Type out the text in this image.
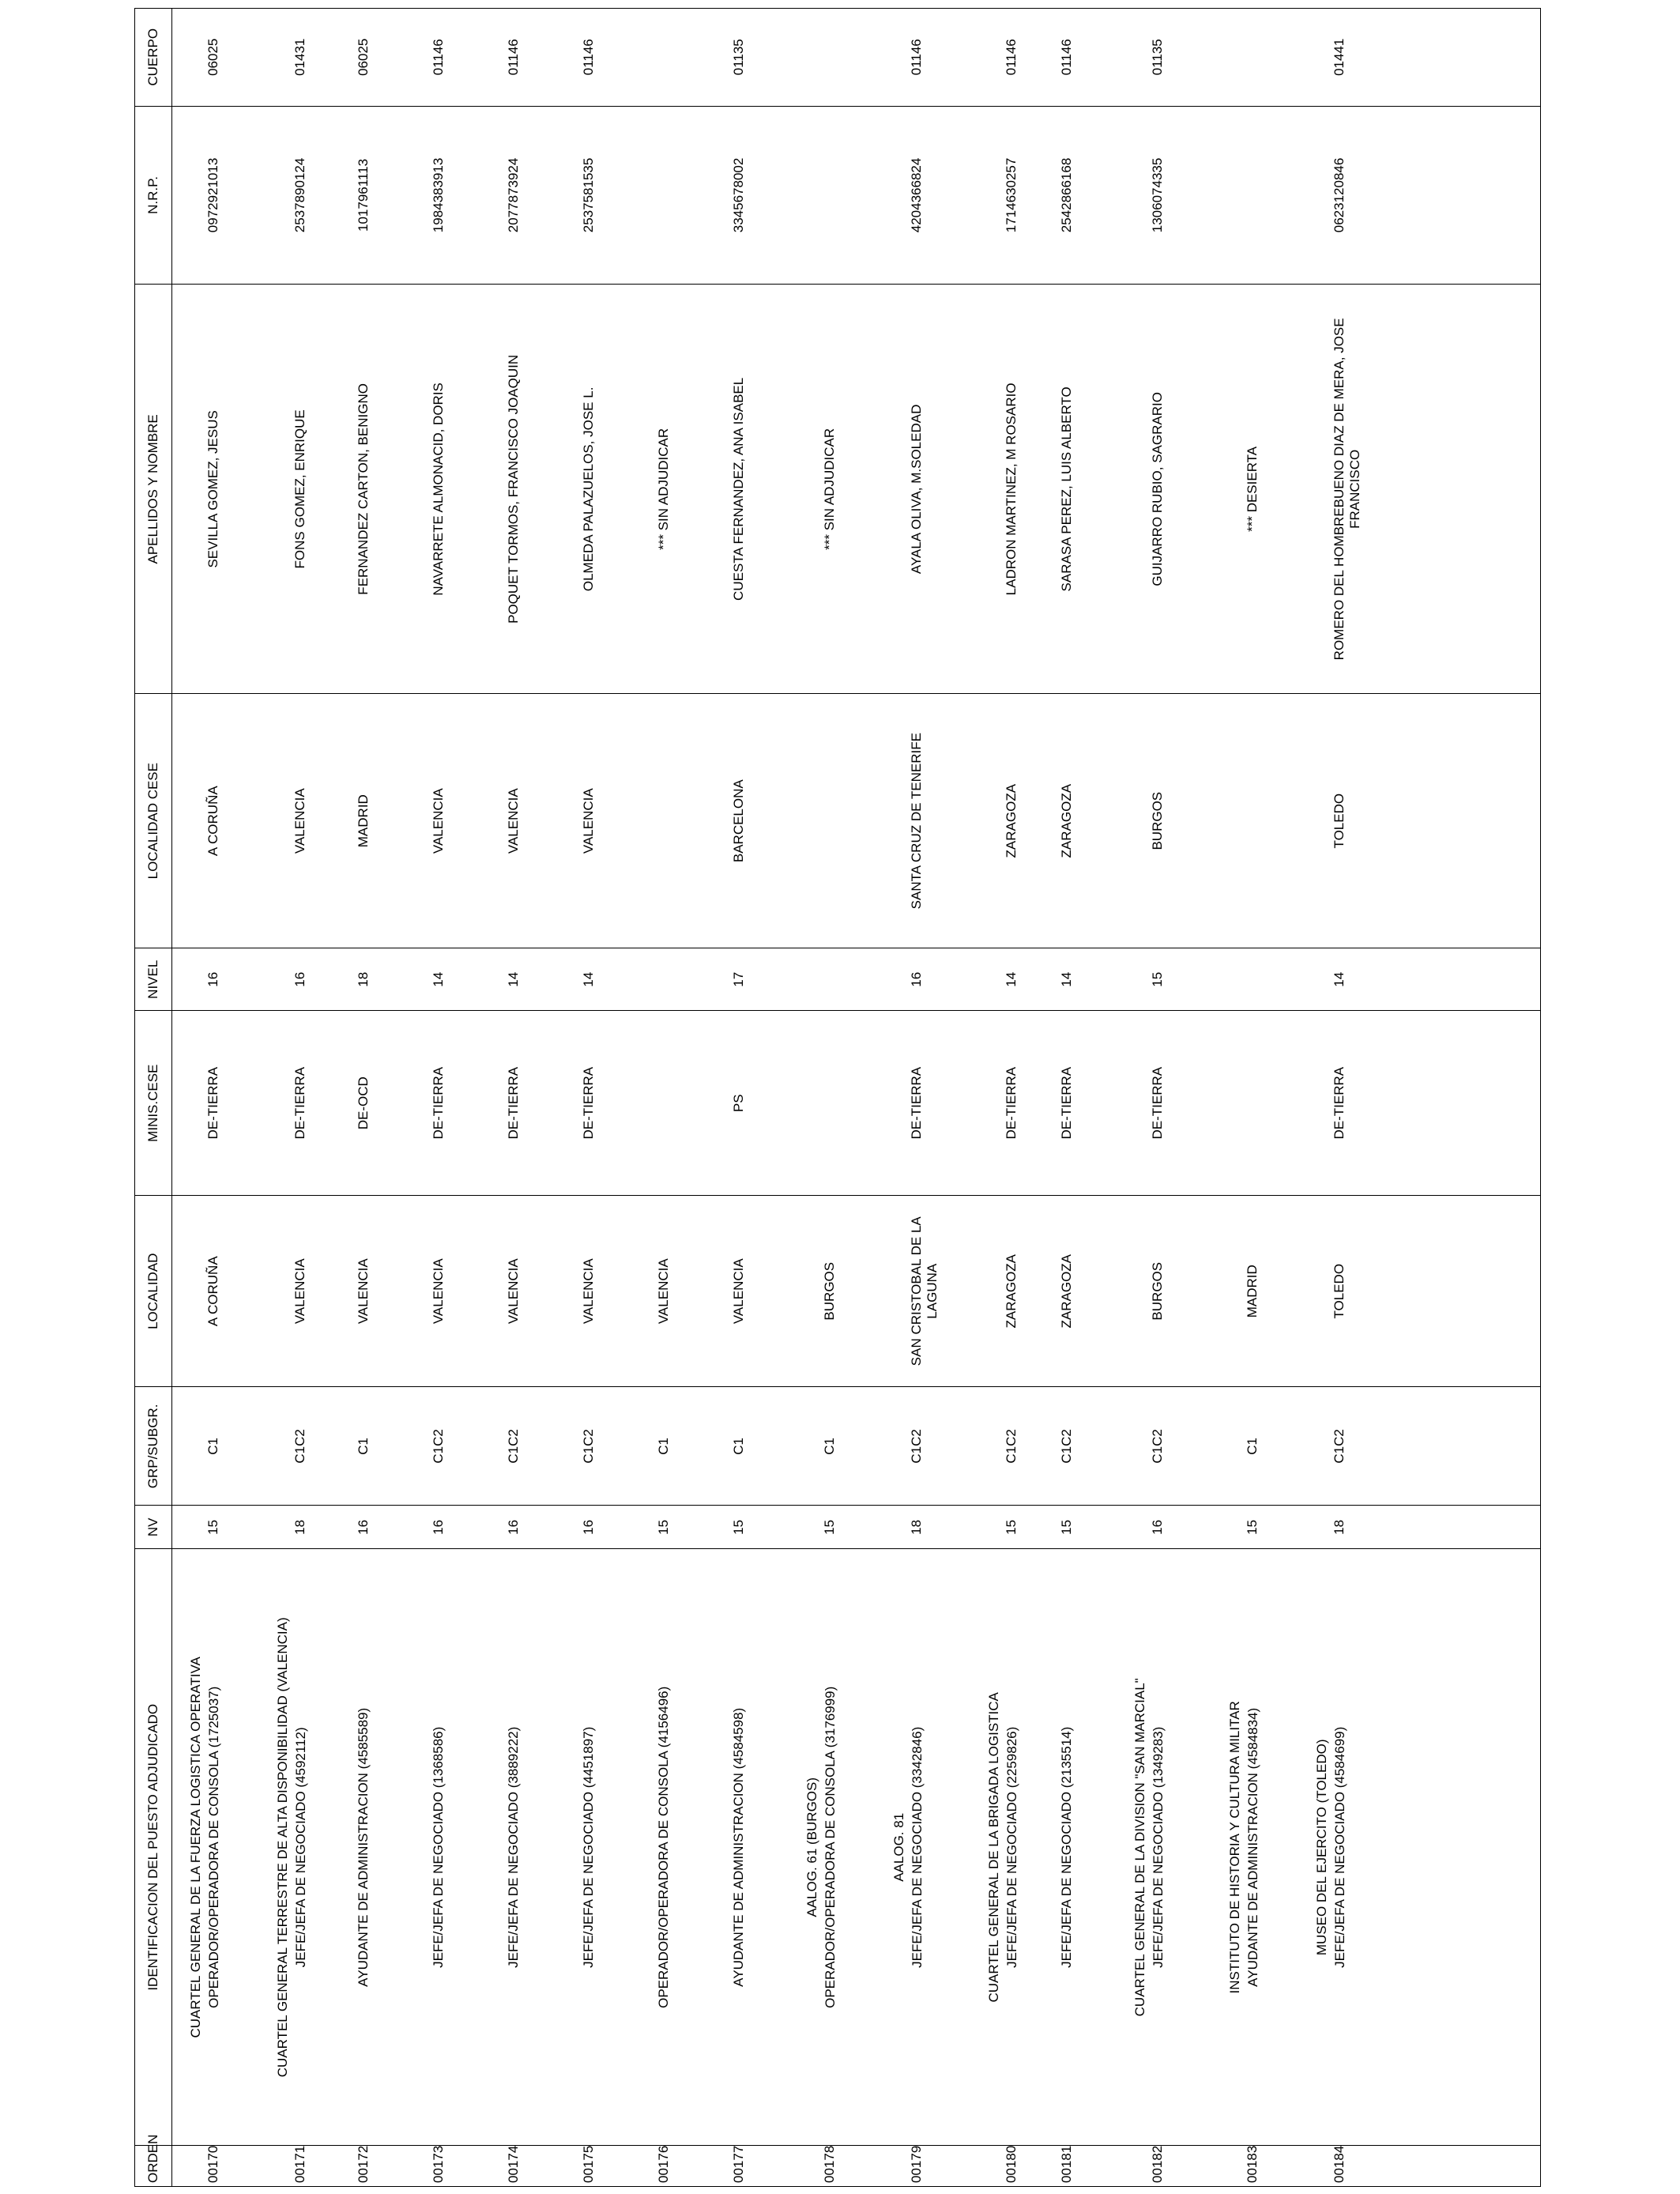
ORDEN	IDENTIFICACION DEL PUESTO ADJUDICADO	NV	GRP/SUBGR.	LOCALIDAD	MINIS.CESE	NIVEL	LOCALIDAD CESE	APELLIDOS Y NOMBRE	N.R.P.	CUERPO

00170	CUARTEL GENERAL DE LA FUERZA LOGISTICA OPERATIVA OPERADOR/OPERADORA DE CONSOLA (1725037)	15	C1	A CORUÑA	DE-TIERRA	16	A CORUÑA	SEVILLA GOMEZ, JESUS	0972921013	06025

00171	CUARTEL GENERAL TERRESTRE DE ALTA DISPONIBILIDAD (VALENCIA) JEFE/JEFA DE NEGOCIADO (4592112)	18	C1C2	VALENCIA	DE-TIERRA	16	VALENCIA	FONS GOMEZ, ENRIQUE	2537890124	01431

00172	AYUDANTE DE ADMINISTRACION (4585589)	16	C1	VALENCIA	DE-OCD	18	MADRID	FERNANDEZ CARTON, BENIGNO	1017961113	06025

00173	JEFE/JEFA DE NEGOCIADO (1368586)	16	C1C2	VALENCIA	DE-TIERRA	14	VALENCIA	NAVARRETE ALMONACID, DORIS	1984383913	01146

00174	JEFE/JEFA DE NEGOCIADO (3889222)	16	C1C2	VALENCIA	DE-TIERRA	14	VALENCIA	POQUET TORMOS, FRANCISCO JOAQUIN	2077873924	01146

00175	JEFE/JEFA DE NEGOCIADO (4451897)	16	C1C2	VALENCIA	DE-TIERRA	14	VALENCIA	OLMEDA PALAZUELOS, JOSE L.	2537581535	01146

00176	OPERADOR/OPERADORA DE CONSOLA (4156496)	15	C1	VALENCIA				*** SIN ADJUDICAR		

00177	AYUDANTE DE ADMINISTRACION (4584598)	15	C1	VALENCIA	PS	17	BARCELONA	CUESTA FERNANDEZ, ANA ISABEL	3345678002	01135

00178	AALOG. 61 (BURGOS) OPERADOR/OPERADORA DE CONSOLA (3176999)	15	C1	BURGOS				*** SIN ADJUDICAR		

00179	AALOG. 81 JEFE/JEFA DE NEGOCIADO (3342846)	18	C1C2	SAN CRISTOBAL DE LA LAGUNA	DE-TIERRA	16	SANTA CRUZ DE TENERIFE	AYALA OLIVA, M.SOLEDAD	4204366824	01146

00180	CUARTEL GENERAL DE LA BRIGADA LOGISTICA JEFE/JEFA DE NEGOCIADO (2259826)	15	C1C2	ZARAGOZA	DE-TIERRA	14	ZARAGOZA	LADRON MARTINEZ, M ROSARIO	1714630257	01146

00181	JEFE/JEFA DE NEGOCIADO (2135514)	15	C1C2	ZARAGOZA	DE-TIERRA	14	ZARAGOZA	SARASA PEREZ, LUIS ALBERTO	2542866168	01146

00182	CUARTEL GENERAL DE LA DIVISION "SAN MARCIAL" JEFE/JEFA DE NEGOCIADO (1349283)	16	C1C2	BURGOS	DE-TIERRA	15	BURGOS	GUIJARRO RUBIO, SAGRARIO	1306074335	01135

00183	INSTITUTO DE HISTORIA Y CULTURA MILITAR AYUDANTE DE ADMINISTRACION (4584834)	15	C1	MADRID				*** DESIERTA		

00184	MUSEO DEL EJERCITO (TOLEDO) JEFE/JEFA DE NEGOCIADO (4584699)	18	C1C2	TOLEDO	DE-TIERRA	14	TOLEDO	ROMERO DEL HOMBREBUENO DIAZ DE MERA, JOSE FRANCISCO	0623120846	01441
